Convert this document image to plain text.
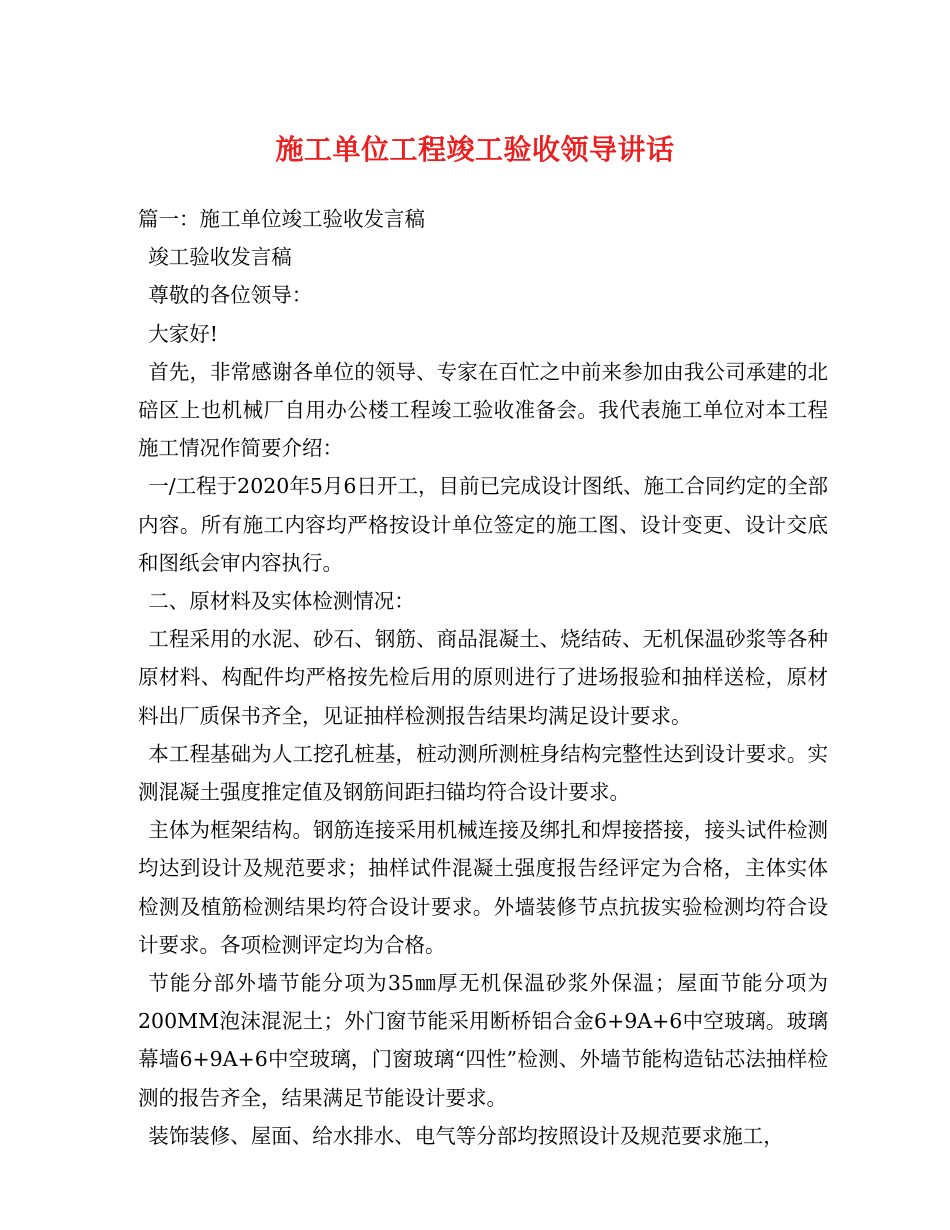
施工单位工程竣工验收领导讲话

篇一：施工单位竣工验收发言稿

竣工验收发言稿

尊敬的各位领导：

大家好!

首先，非常感谢各单位的领导、专家在百忙之中前来参加由我公司承建的北碚区上也机械厂自用办公楼工程竣工验收准备会。我代表施工单位对本工程施工情况作简要介绍：

一/工程于2020年5月6日开工，目前已完成设计图纸、施工合同约定的全部内容。所有施工内容均严格按设计单位签定的施工图、设计变更、设计交底和图纸会审内容执行。

二、原材料及实体检测情况：

工程采用的水泥、砂石、钢筋、商品混凝土、烧结砖、无机保温砂浆等各种原材料、构配件均严格按先检后用的原则进行了进场报验和抽样送检，原材料出厂质保书齐全，见证抽样检测报告结果均满足设计要求。

本工程基础为人工挖孔桩基，桩动测所测桩身结构完整性达到设计要求。实测混凝土强度推定值及钢筋间距扫锚均符合设计要求。

主体为框架结构。钢筋连接采用机械连接及绑扎和焊接搭接，接头试件检测均达到设计及规范要求；抽样试件混凝土强度报告经评定为合格，主体实体检测及植筋检测结果均符合设计要求。外墙装修节点抗拔实验检测均符合设计要求。各项检测评定均为合格。

节能分部外墙节能分项为35㎜厚无机保温砂浆外保温；屋面节能分项为200MM泡沫混泥土；外门窗节能采用断桥铝合金6+9A+6中空玻璃。玻璃幕墙6+9A+6中空玻璃，门窗玻璃“四性”检测、外墙节能构造钻芯法抽样检测的报告齐全，结果满足节能设计要求。

装饰装修、屋面、给水排水、电气等分部均按照设计及规范要求施工，
